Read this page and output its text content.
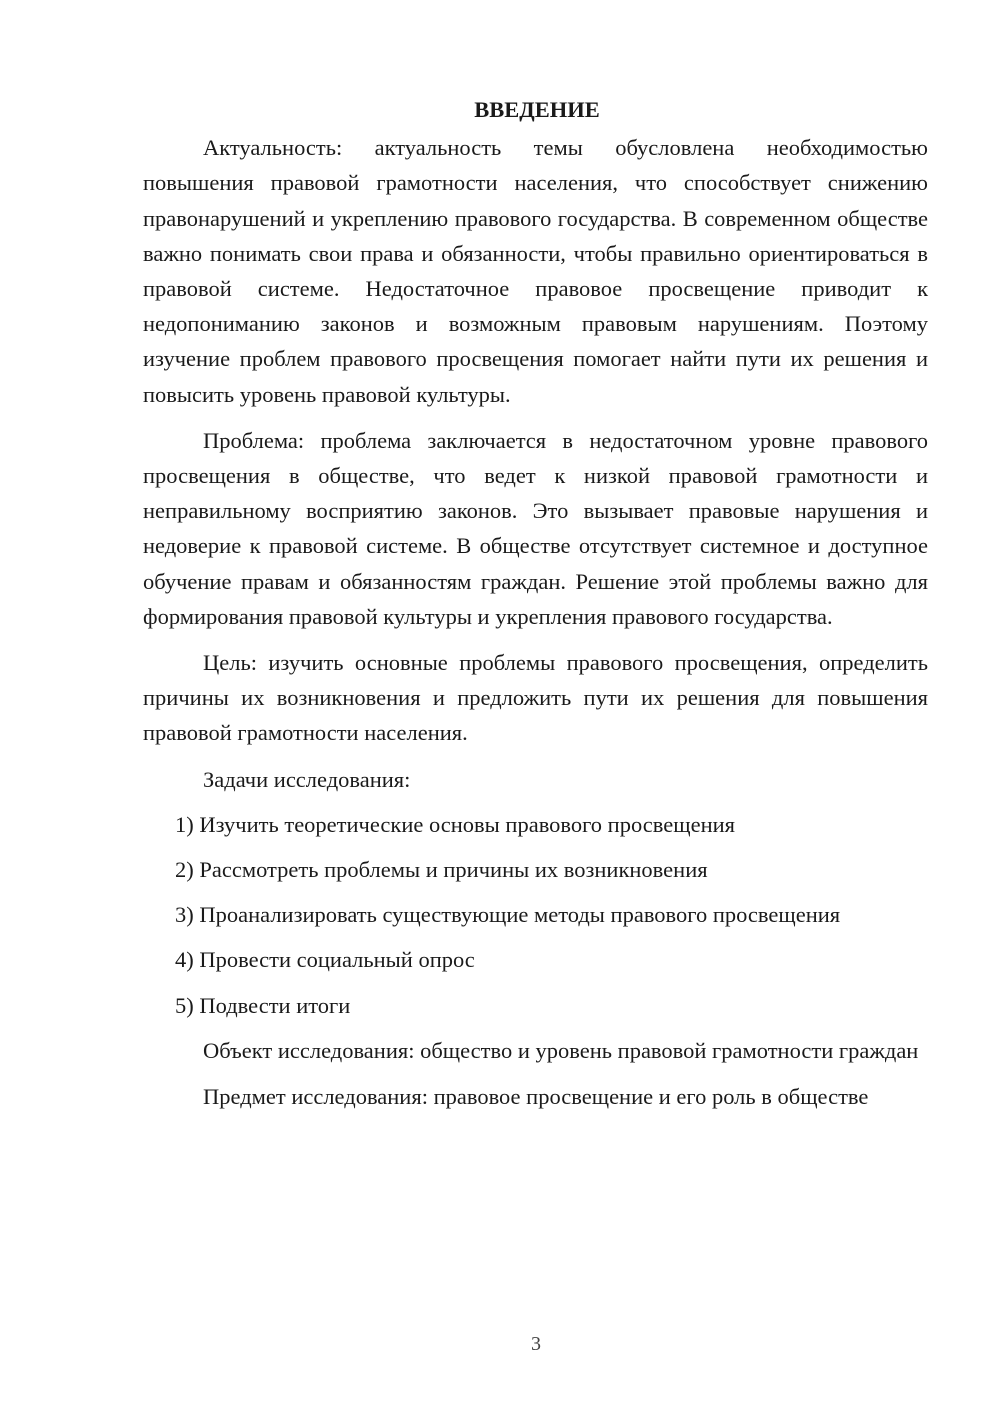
ВВЕДЕНИЕ

Актуальность: актуальность темы обусловлена необходимостью повышения правовой грамотности населения, что способствует снижению правонарушений и укреплению правового государства. В современном обществе важно понимать свои права и обязанности, чтобы правильно ориентироваться в правовой системе. Недостаточное правовое просвещение приводит к недопониманию законов и возможным правовым нарушениям. Поэтому изучение проблем правового просвещения помогает найти пути их решения и повысить уровень правовой культуры.

Проблема: проблема заключается в недостаточном уровне правового просвещения в обществе, что ведет к низкой правовой грамотности и неправильному восприятию законов. Это вызывает правовые нарушения и недоверие к правовой системе. В обществе отсутствует системное и доступное обучение правам и обязанностям граждан. Решение этой проблемы важно для формирования правовой культуры и укрепления правового государства.

Цель: изучить основные проблемы правового просвещения, определить причины их возникновения и предложить пути их решения для повышения правовой грамотности населения.

Задачи исследования:
1) Изучить теоретические основы правового просвещения
2) Рассмотреть проблемы и причины их возникновения
3) Проанализировать существующие методы правового просвещения
4) Провести социальный опрос
5) Подвести итоги

Объект исследования: общество и уровень правовой грамотности граждан

Предмет исследования: правовое просвещение и его роль в обществе

3
